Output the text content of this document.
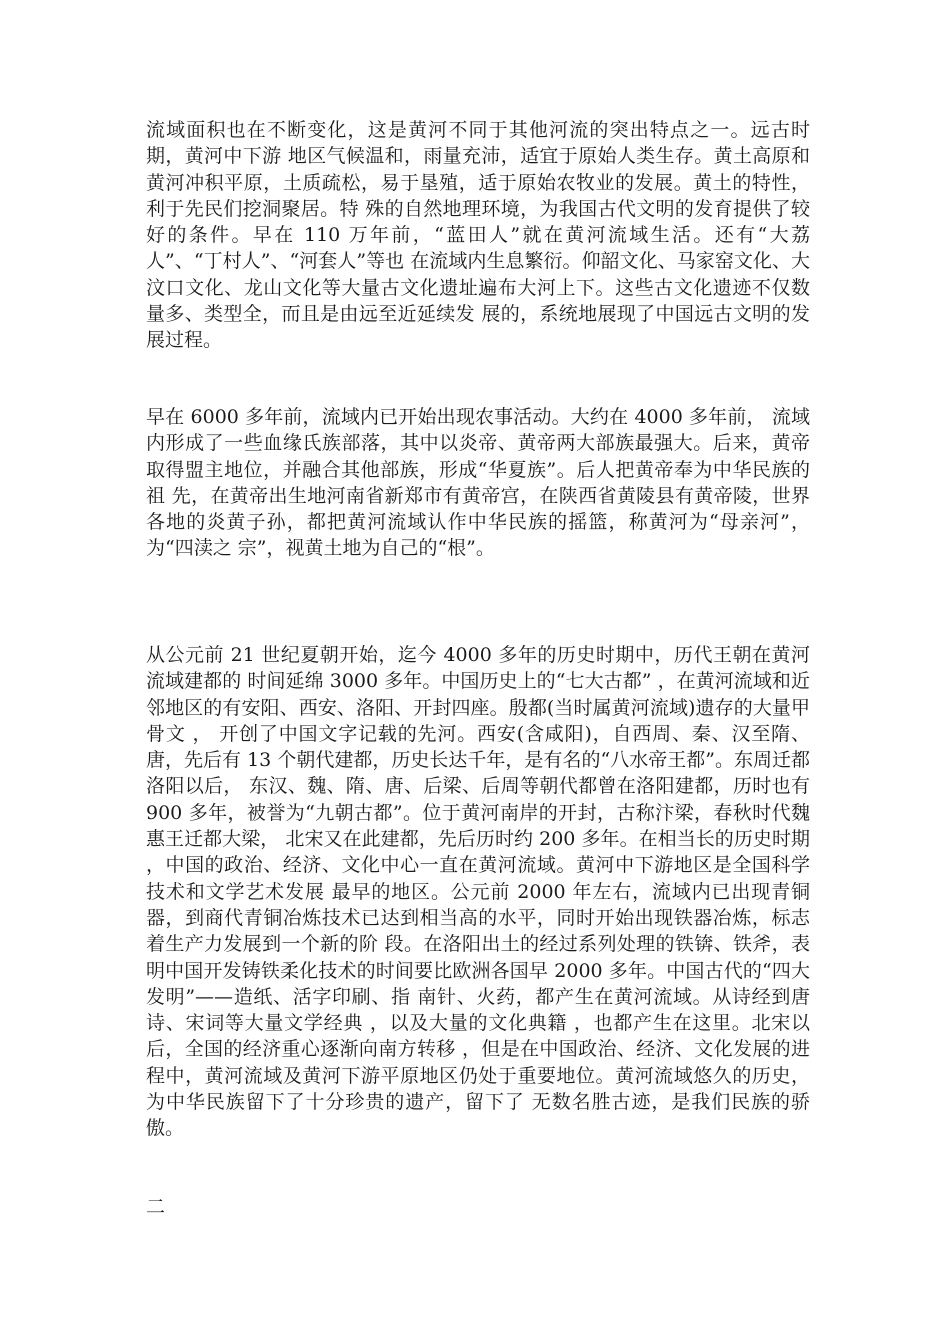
流域面积也在不断变化，这是黄河不同于其他河流的突出特点之一。远古时期，黄河中下游 地区气候温和，雨量充沛，适宜于原始人类生存。黄土高原和黄河冲积平原，土质疏松，易于垦殖，适于原始农牧业的发展。黄土的特性，利于先民们挖洞聚居。特 殊的自然地理环境，为我国古代文明的发育提供了较好的条件。早在 110 万年前，“蓝田人”就在黄河流域生活。还有“大荔人”、“丁村人”、“河套人”等也 在流域内生息繁衍。仰韶文化、马家窑文化、大汶口文化、龙山文化等大量古文化遗址遍布大河上下。这些古文化遗迹不仅数量多、类型全，而且是由远至近延续发 展的，系统地展现了中国远古文明的发展过程。

早在 6000 多年前，流域内已开始出现农事活动。大约在 4000 多年前， 流域内形成了一些血缘氏族部落，其中以炎帝、黄帝两大部族最强大。后来，黄帝取得盟主地位，并融合其他部族，形成“华夏族”。后人把黄帝奉为中华民族的祖 先，在黄帝出生地河南省新郑市有黄帝宫，在陕西省黄陵县有黄帝陵，世界各地的炎黄子孙，都把黄河流域认作中华民族的摇篮，称黄河为“母亲河”，为“四渎之 宗”，视黄土地为自己的“根”。

从公元前 21 世纪夏朝开始，迄今 4000 多年的历史时期中，历代王朝在黄河流域建都的 时间延绵 3000 多年。中国历史上的“七大古都” ，在黄河流域和近邻地区的有安阳、西安、洛阳、开封四座。殷都(当时属黄河流域)遗存的大量甲骨文 ， 开创了中国文字记载的先河。西安(含咸阳)，自西周、秦、汉至隋、唐，先后有 13 个朝代建都，历史长达千年，是有名的“八水帝王都”。东周迁都洛阳以后， 东汉、魏、隋、唐、后梁、后周等朝代都曾在洛阳建都，历时也有 900 多年，被誉为“九朝古都”。位于黄河南岸的开封，古称汴梁，春秋时代魏惠王迁都大梁， 北宋又在此建都，先后历时约 200 多年。在相当长的历史时期 ，中国的政治、经济、文化中心一直在黄河流域。黄河中下游地区是全国科学技术和文学艺术发展 最早的地区。公元前 2000 年左右，流域内已出现青铜器，到商代青铜冶炼技术已达到相当高的水平，同时开始出现铁器冶炼，标志着生产力发展到一个新的阶 段。在洛阳出土的经过系列处理的铁锛、铁斧，表明中国开发铸铁柔化技术的时间要比欧洲各国早 2000 多年。中国古代的“四大发明”——造纸、活字印刷、指 南针、火药，都产生在黄河流域。从诗经到唐诗、宋词等大量文学经典 ，以及大量的文化典籍 ，也都产生在这里。北宋以后，全国的经济重心逐渐向南方转移 ，但是在中国政治、经济、文化发展的进程中，黄河流域及黄河下游平原地区仍处于重要地位。黄河流域悠久的历史，为中华民族留下了十分珍贵的遗产，留下了 无数名胜古迹，是我们民族的骄傲。

二
